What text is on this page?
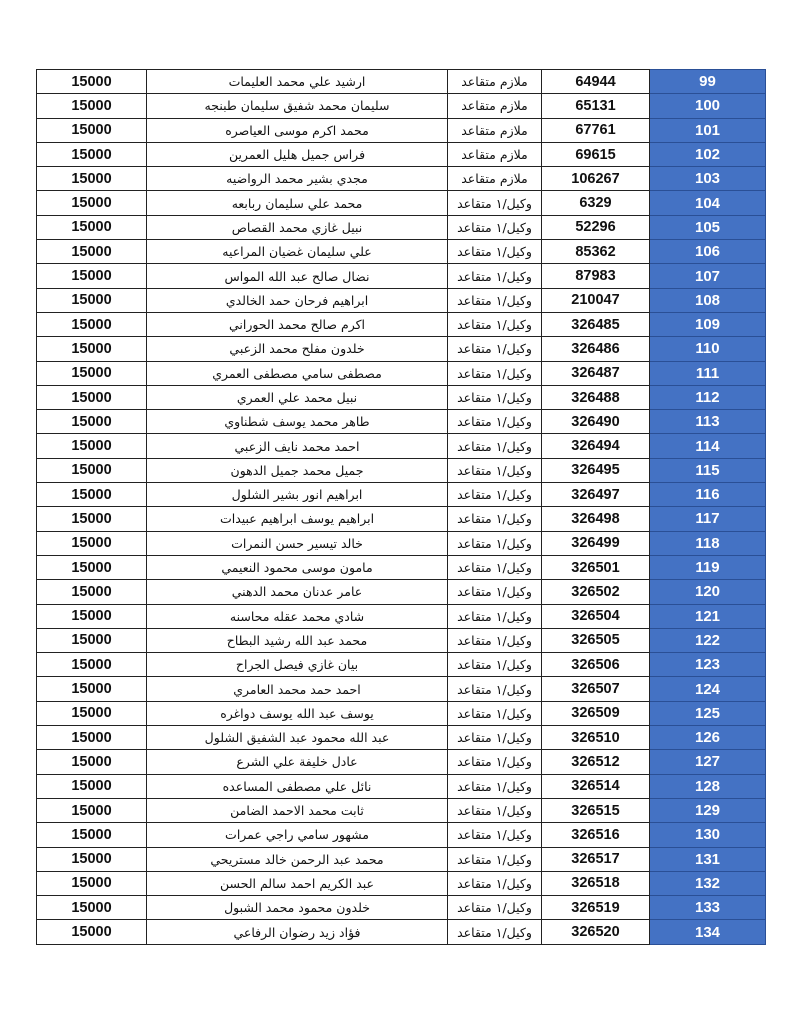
15000	ارشيد علي محمد العليمات	ملازم متقاعد	64944	99
15000	سليمان محمد شفيق سليمان طبنجه	ملازم متقاعد	65131	100
15000	محمد اكرم موسى العياصره	ملازم متقاعد	67761	101
15000	فراس جميل هليل العمرين	ملازم متقاعد	69615	102
15000	مجدي بشير محمد الرواضيه	ملازم متقاعد	106267	103
15000	محمد علي سليمان ربابعه	وكيل/١ متقاعد	6329	104
15000	نبيل غازي محمد القصاص	وكيل/١ متقاعد	52296	105
15000	علي سليمان غضيان المراعيه	وكيل/١ متقاعد	85362	106
15000	نضال صالح عبد الله المواس	وكيل/١ متقاعد	87983	107
15000	ابراهيم فرحان حمد الخالدي	وكيل/١ متقاعد	210047	108
15000	اكرم صالح محمد الحوراني	وكيل/١ متقاعد	326485	109
15000	خلدون مفلح محمد الزعبي	وكيل/١ متقاعد	326486	110
15000	مصطفى سامي مصطفى العمري	وكيل/١ متقاعد	326487	111
15000	نبيل محمد علي العمري	وكيل/١ متقاعد	326488	112
15000	طاهر محمد يوسف شطناوي	وكيل/١ متقاعد	326490	113
15000	احمد محمد نايف الزعبي	وكيل/١ متقاعد	326494	114
15000	جميل محمد جميل الدهون	وكيل/١ متقاعد	326495	115
15000	ابراهيم انور بشير الشلول	وكيل/١ متقاعد	326497	116
15000	ابراهيم يوسف ابراهيم عبيدات	وكيل/١ متقاعد	326498	117
15000	خالد تيسير حسن النمرات	وكيل/١ متقاعد	326499	118
15000	مامون موسى محمود النعيمي	وكيل/١ متقاعد	326501	119
15000	عامر عدنان محمد الدهني	وكيل/١ متقاعد	326502	120
15000	شادي محمد عقله محاسنه	وكيل/١ متقاعد	326504	121
15000	محمد عبد الله رشيد البطاح	وكيل/١ متقاعد	326505	122
15000	بيان غازي فيصل الجراح	وكيل/١ متقاعد	326506	123
15000	احمد حمد محمد العامري	وكيل/١ متقاعد	326507	124
15000	يوسف عبد الله يوسف دواغره	وكيل/١ متقاعد	326509	125
15000	عبد الله محمود عبد الشفيق الشلول	وكيل/١ متقاعد	326510	126
15000	عادل خليفة علي الشرع	وكيل/١ متقاعد	326512	127
15000	نائل علي مصطفى المساعده	وكيل/١ متقاعد	326514	128
15000	ثابت محمد الاحمد الضامن	وكيل/١ متقاعد	326515	129
15000	مشهور سامي راجي عمرات	وكيل/١ متقاعد	326516	130
15000	محمد عبد الرحمن خالد مستريحي	وكيل/١ متقاعد	326517	131
15000	عبد الكريم احمد سالم الحسن	وكيل/١ متقاعد	326518	132
15000	خلدون محمود محمد الشبول	وكيل/١ متقاعد	326519	133
15000	فؤاد زيد رضوان الرفاعي	وكيل/١ متقاعد	326520	134
